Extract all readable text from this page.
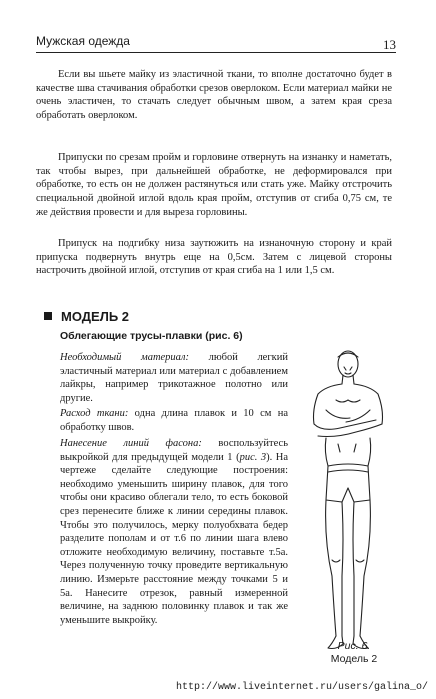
Мужская одежда	13

Если вы шьете майку из эластичной ткани, то вполне достаточно будет в качестве шва стачивания обработки срезов оверлоком. Если материал майки не очень эластичен, то стачать следует обычным швом, а затем края среза обработать оверлоком.

Припуски по срезам пройм и горловине отвернуть на изнанку и наметать, так чтобы вырез, при дальнейшей обработке, не деформировался при обработке, то есть он не должен растянуться или стать уже. Майку отстрочить специальной двойной иглой вдоль края пройм, отступив от сгиба 0,75 см, те же действия провести и для выреза горловины.

Припуск на подгибку низа заутюжить на изнаночную сторону и край припуска подвернуть внутрь еще на 0,5см. Затем с лицевой стороны настрочить двойной иглой, отступив от края сгиба на 1 или 1,5 см.

МОДЕЛЬ 2
Облегающие трусы-плавки (рис. 6)

Необходимый материал: любой легкий эластичный материал или материал с добавлением лайкры, например трикотажное полотно или другие.

Расход ткани: одна длина плавок и 10 см на обработку швов.

Нанесение линий фасона: воспользуйтесь выкройкой для предыдущей модели 1 (рис. 3). На чертеже сделайте следующие построения: необходимо уменьшить ширину плавок, для того чтобы они красиво облегали тело, то есть боковой срез перенесите ближе к линии середины плавок. Чтобы это получилось, мерку полуобхвата бедер разделите пополам и от т.6 по линии шага влево отложите необходимую величину, поставьте т.5а. Через полученную точку проведите вертикальную линию. Измерьте расстояние между точками 5 и 5а. Нанесите отрезок, равный измеренной величине, на заднюю половинку плавок и так же уменьшите выкройку.

Рис. 6.
Модель 2
http://www.liveinternet.ru/users/galina_o/
